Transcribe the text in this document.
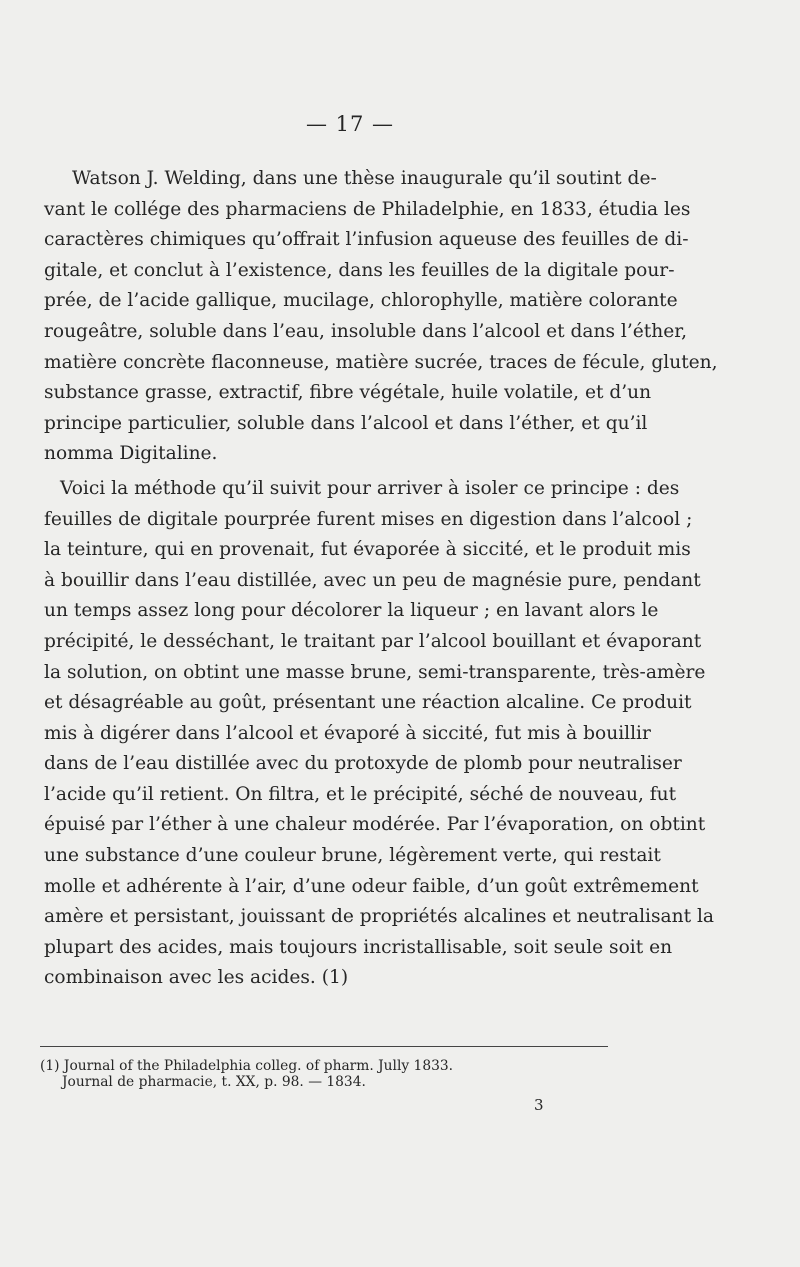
— 17 —
Watson J. Welding, dans une thèse inaugurale qu’il soutint de-
vant le collége des pharmaciens de Philadelphie, en 1833, étudia les
caractères chimiques qu’offrait l’infusion aqueuse des feuilles de di-
gitale, et conclut à l’existence, dans les feuilles de la digitale pour-
prée, de l’acide gallique, mucilage, chlorophylle, matière colorante
rougeâtre, soluble dans l’eau, insoluble dans l’alcool et dans l’éther,
matière concrète flaconneuse, matière sucrée, traces de fécule, gluten,
substance grasse, extractif, fibre végétale, huile volatile, et d’un
principe particulier, soluble dans l’alcool et dans l’éther, et qu’il
nomma Digitaline.
Voici la méthode qu’il suivit pour arriver à isoler ce principe : des
feuilles de digitale pourprée furent mises en digestion dans l’alcool ;
la teinture, qui en provenait, fut évaporée à siccité, et le produit mis
à bouillir dans l’eau distillée, avec un peu de magnésie pure, pendant
un temps assez long pour décolorer la liqueur ; en lavant alors le
précipité, le desséchant, le traitant par l’alcool bouillant et évaporant
la solution, on obtint une masse brune, semi-transparente, très-amère
et désagréable au goût, présentant une réaction alcaline. Ce produit
mis à digérer dans l’alcool et évaporé à siccité, fut mis à bouillir
dans de l’eau distillée avec du protoxyde de plomb pour neutraliser
l’acide qu’il retient. On filtra, et le précipité, séché de nouveau, fut
épuisé par l’éther à une chaleur modérée. Par l’évaporation, on obtint
une substance d’une couleur brune, légèrement verte, qui restait
molle et adhérente à l’air, d’une odeur faible, d’un goût extrêmement
amère et persistant, jouissant de propriétés alcalines et neutralisant la
plupart des acides, mais toujours incristallisable, soit seule soit en
combinaison avec les acides. (1)
(1) Journal of the Philadelphia colleg. of pharm. Jully 1833.
Journal de pharmacie, t. XX, p. 98. — 1834.
3
